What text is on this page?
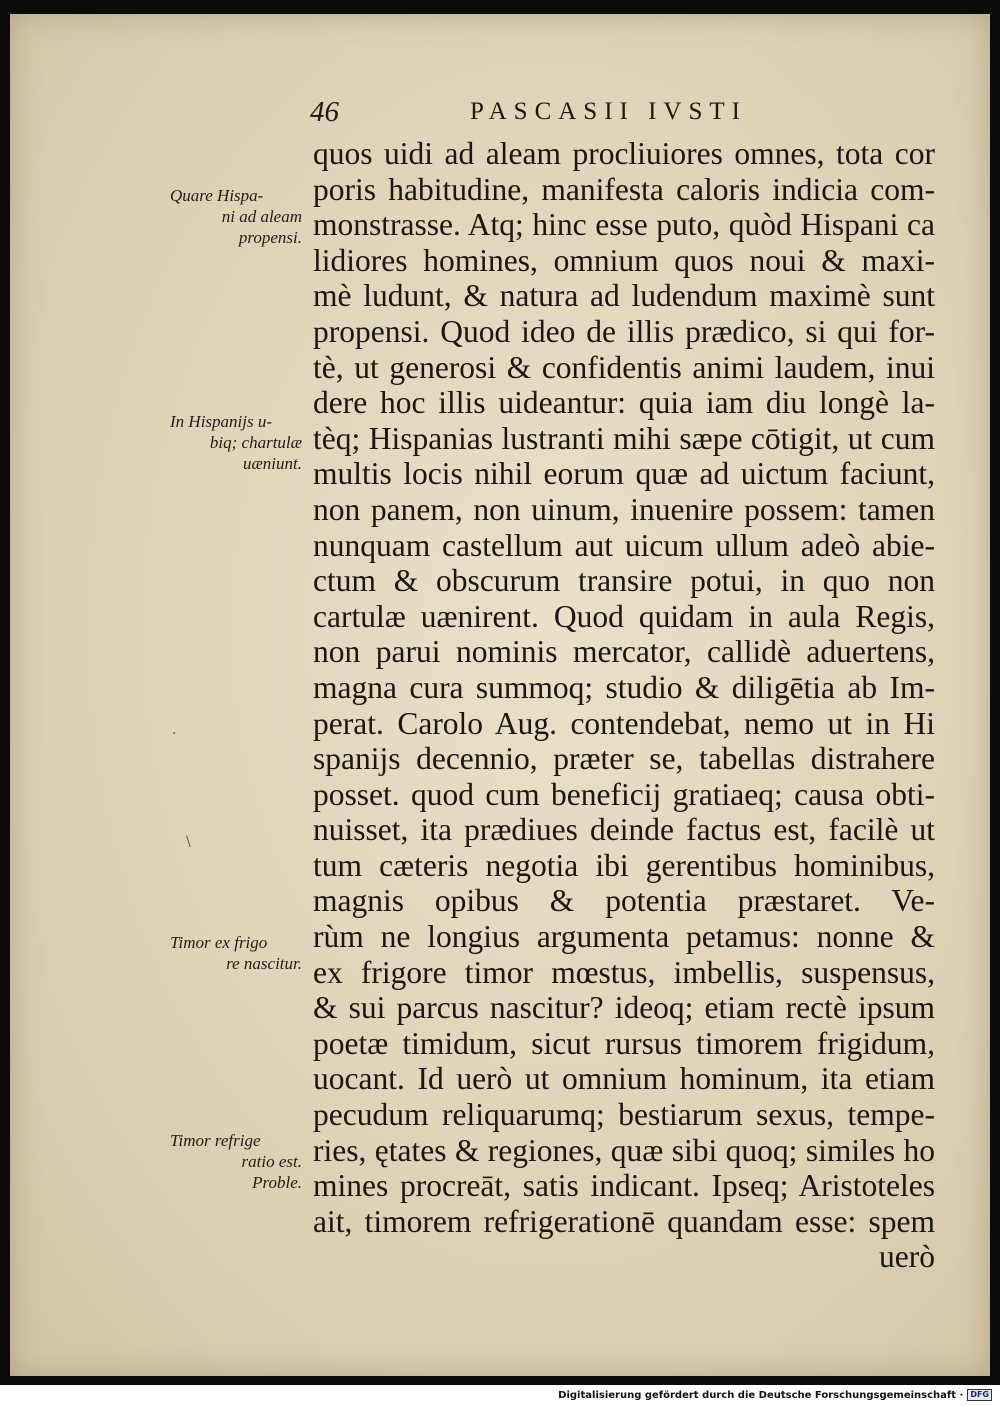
46	PASCASII IVSTI
quos uidi ad aleam procliuiores omnes, tota cor
poris habitudine, manifesta caloris indicia com-
monstrasse. Atq; hinc esse puto, quòd Hispani ca
lidiores homines, omnium quos noui & maxi-
mè ludunt, & natura ad ludendum maximè sunt
propensi. Quod ideo de illis prædico, si qui for-
tè, ut generosi & confidentis animi laudem, inui
dere hoc illis uideantur: quia iam diu longè la-
tèq; Hispanias lustranti mihi sæpe cōtigit, ut cum
multis locis nihil eorum quæ ad uictum faciunt,
non panem, non uinum, inuenire possem: tamen
nunquam castellum aut uicum ullum adeò abie-
ctum & obscurum transire potui, in quo non
cartulæ uænirent. Quod quidam in aula Regis,
non parui nominis mercator, callidè aduertens,
magna cura summoq; studio & diligētia ab Im-
perat. Carolo Aug. contendebat, nemo ut in Hi
spanijs decennio, præter se, tabellas distrahere
posset. quod cum beneficij gratiaeq; causa obti-
nuisset, ita prædiues deinde factus est, facilè ut
tum cæteris negotia ibi gerentibus hominibus,
magnis opibus & potentia præstaret. Ve-
rùm ne longius argumenta petamus: nonne &
ex frigore timor mœstus, imbellis, suspensus,
& sui parcus nascitur? ideoq; etiam rectè ipsum
poetæ timidum, sicut rursus timorem frigidum,
uocant. Id uerò ut omnium hominum, ita etiam
pecudum reliquarumq; bestiarum sexus, tempe-
ries, ętates & regiones, quæ sibi quoq; similes ho
mines procreāt, satis indicant. Ipseq; Aristoteles
ait, timorem refrigerationē quandam esse: spem
uerò
Quare Hispa-
ni ad aleam
propensi.
In Hispanijs u-
biq; chartulæ
uæniunt.
Timor ex frigo
re nascitur.
Timor refrige
ratio est.
Proble.
·
\
Digitalisierung gefördert durch die Deutsche Forschungsgemeinschaft · DFG
